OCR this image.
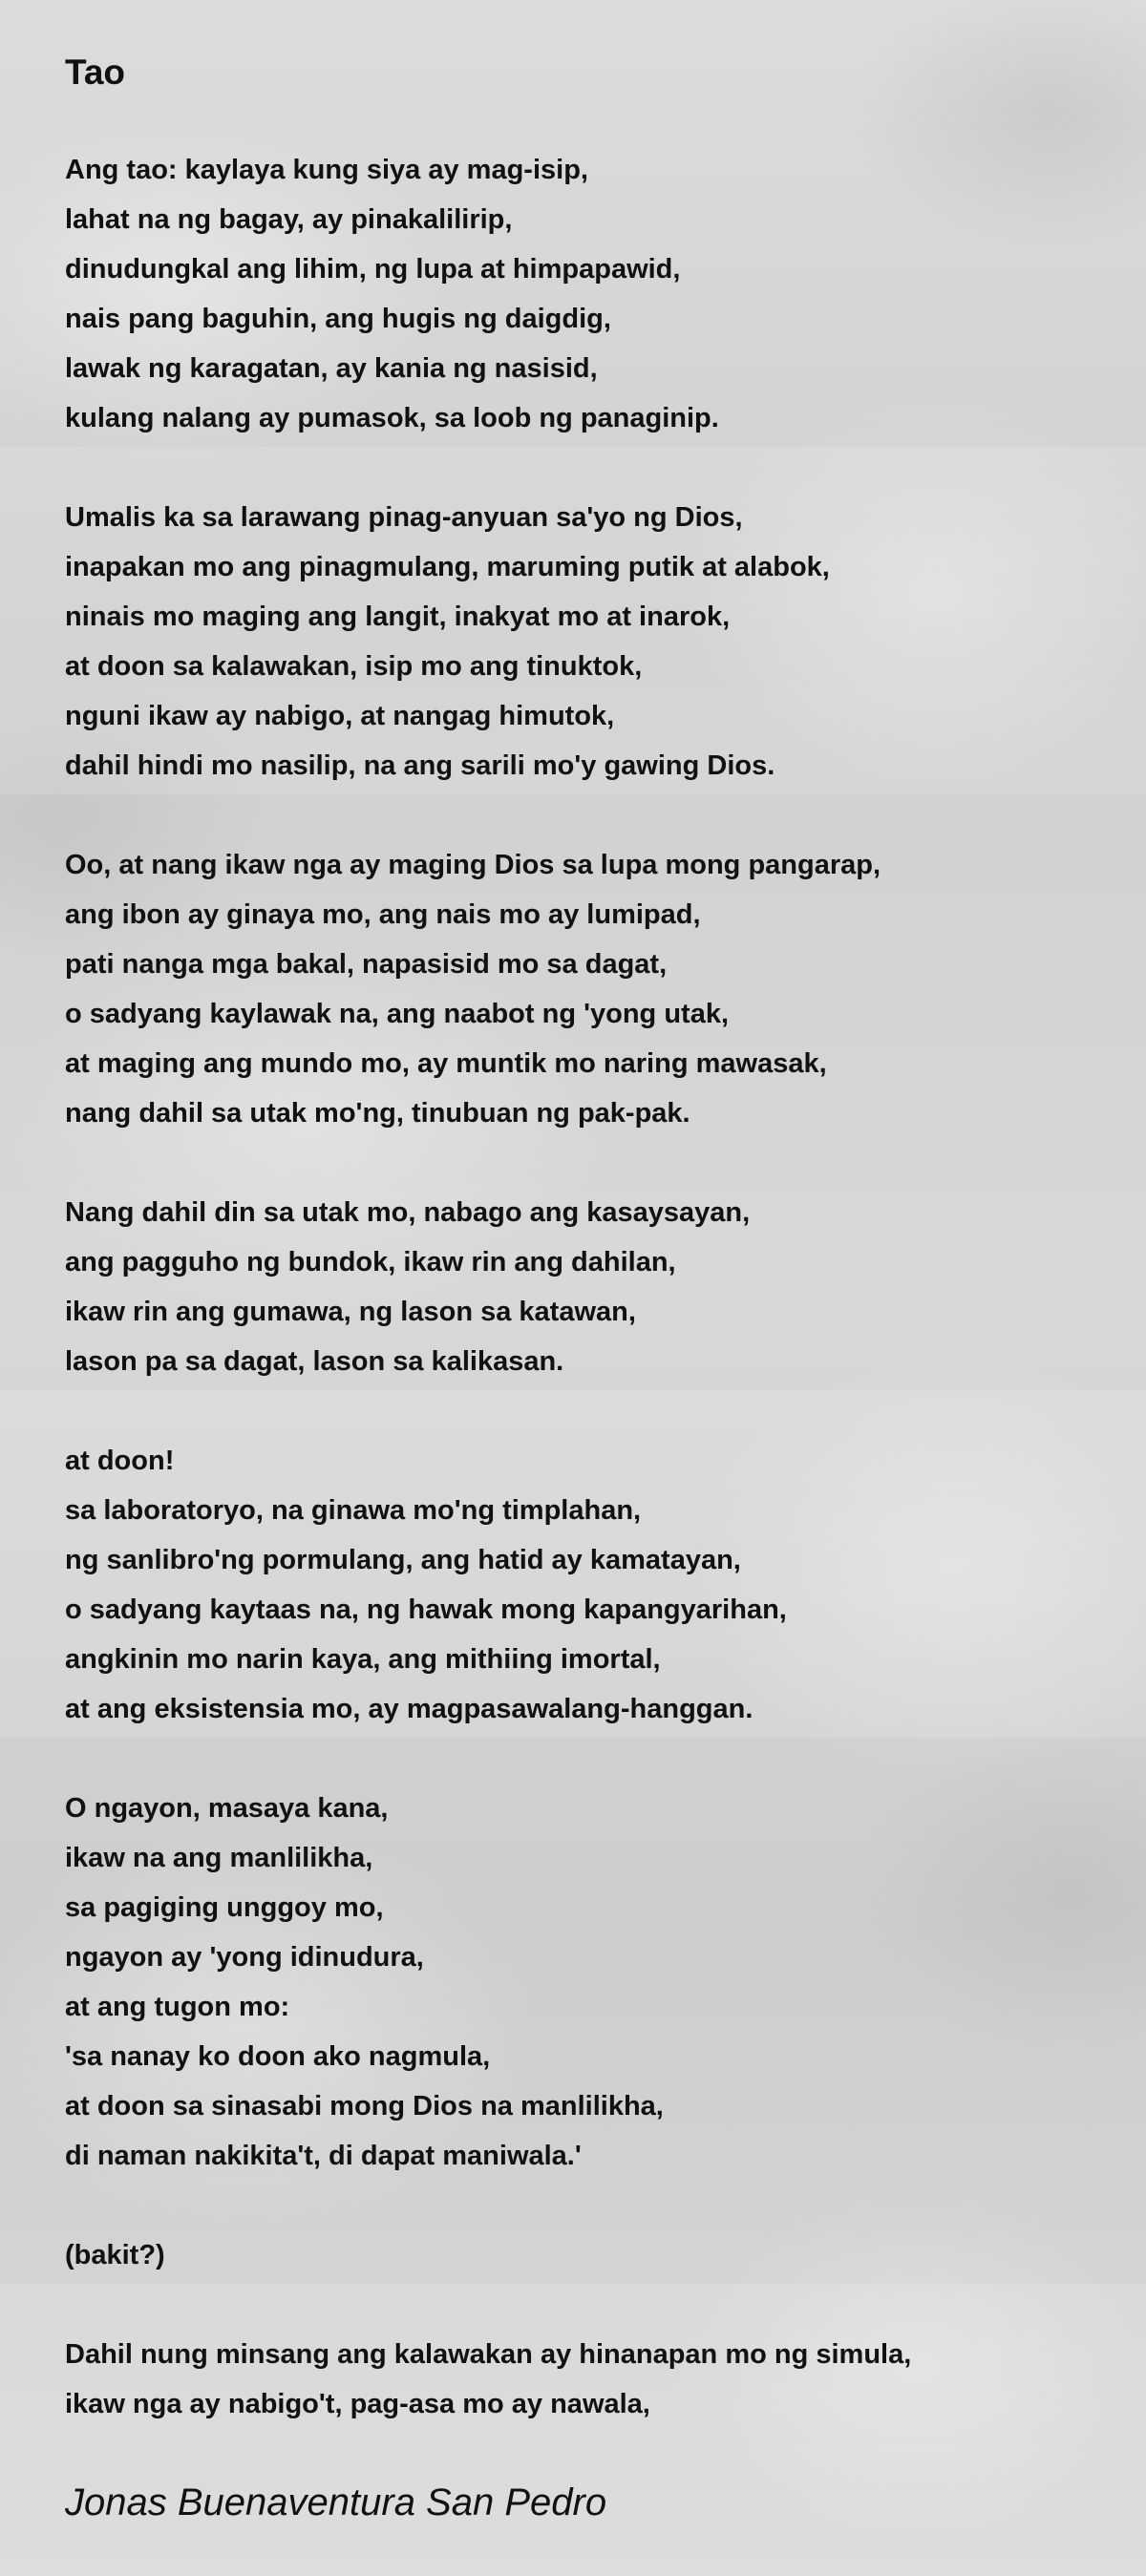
Tao
Ang tao: kaylaya kung siya ay mag-isip,
lahat na ng bagay, ay pinakalilirip,
dinudungkal ang lihim, ng lupa at himpapawid,
nais pang baguhin, ang hugis ng daigdig,
lawak ng karagatan, ay kania ng nasisid,
kulang nalang ay pumasok, sa loob ng panaginip.
Umalis ka sa larawang pinag-anyuan sa'yo ng Dios,
inapakan mo ang pinagmulang, maruming putik at alabok,
ninais mo maging ang langit, inakyat mo at inarok,
at doon sa kalawakan, isip mo ang tinuktok,
nguni ikaw ay nabigo, at nangag himutok,
dahil hindi mo nasilip, na ang sarili mo'y gawing Dios.
Oo, at nang ikaw nga ay maging Dios sa lupa mong pangarap,
ang ibon ay ginaya mo, ang nais mo ay lumipad,
pati nanga mga bakal, napasisid mo sa dagat,
o sadyang kaylawak na, ang naabot ng 'yong utak,
at maging ang mundo mo, ay muntik mo naring mawasak,
nang dahil sa utak mo'ng, tinubuan ng pak-pak.
Nang dahil din sa utak mo, nabago ang kasaysayan,
ang pagguho ng bundok, ikaw rin ang dahilan,
ikaw rin ang gumawa, ng lason sa katawan,
lason pa sa dagat, lason sa kalikasan.
at doon!
sa laboratoryo, na ginawa mo'ng timplahan,
ng sanlibro'ng pormulang, ang hatid ay kamatayan,
o sadyang kaytaas na, ng hawak mong kapangyarihan,
angkinin mo narin kaya, ang mithiing imortal,
at ang eksistensia mo, ay magpasawalang-hanggan.
O ngayon, masaya kana,
ikaw na ang manlilikha,
sa pagiging unggoy mo,
ngayon ay 'yong idinudura,
at ang tugon mo:
'sa nanay ko doon ako nagmula,
at doon sa sinasabi mong Dios na manlilikha,
di naman nakikita't, di dapat maniwala.'
(bakit?)
Dahil nung minsang ang kalawakan ay hinanapan mo ng simula,
ikaw nga ay nabigo't, pag-asa mo ay nawala,
Jonas Buenaventura San Pedro
